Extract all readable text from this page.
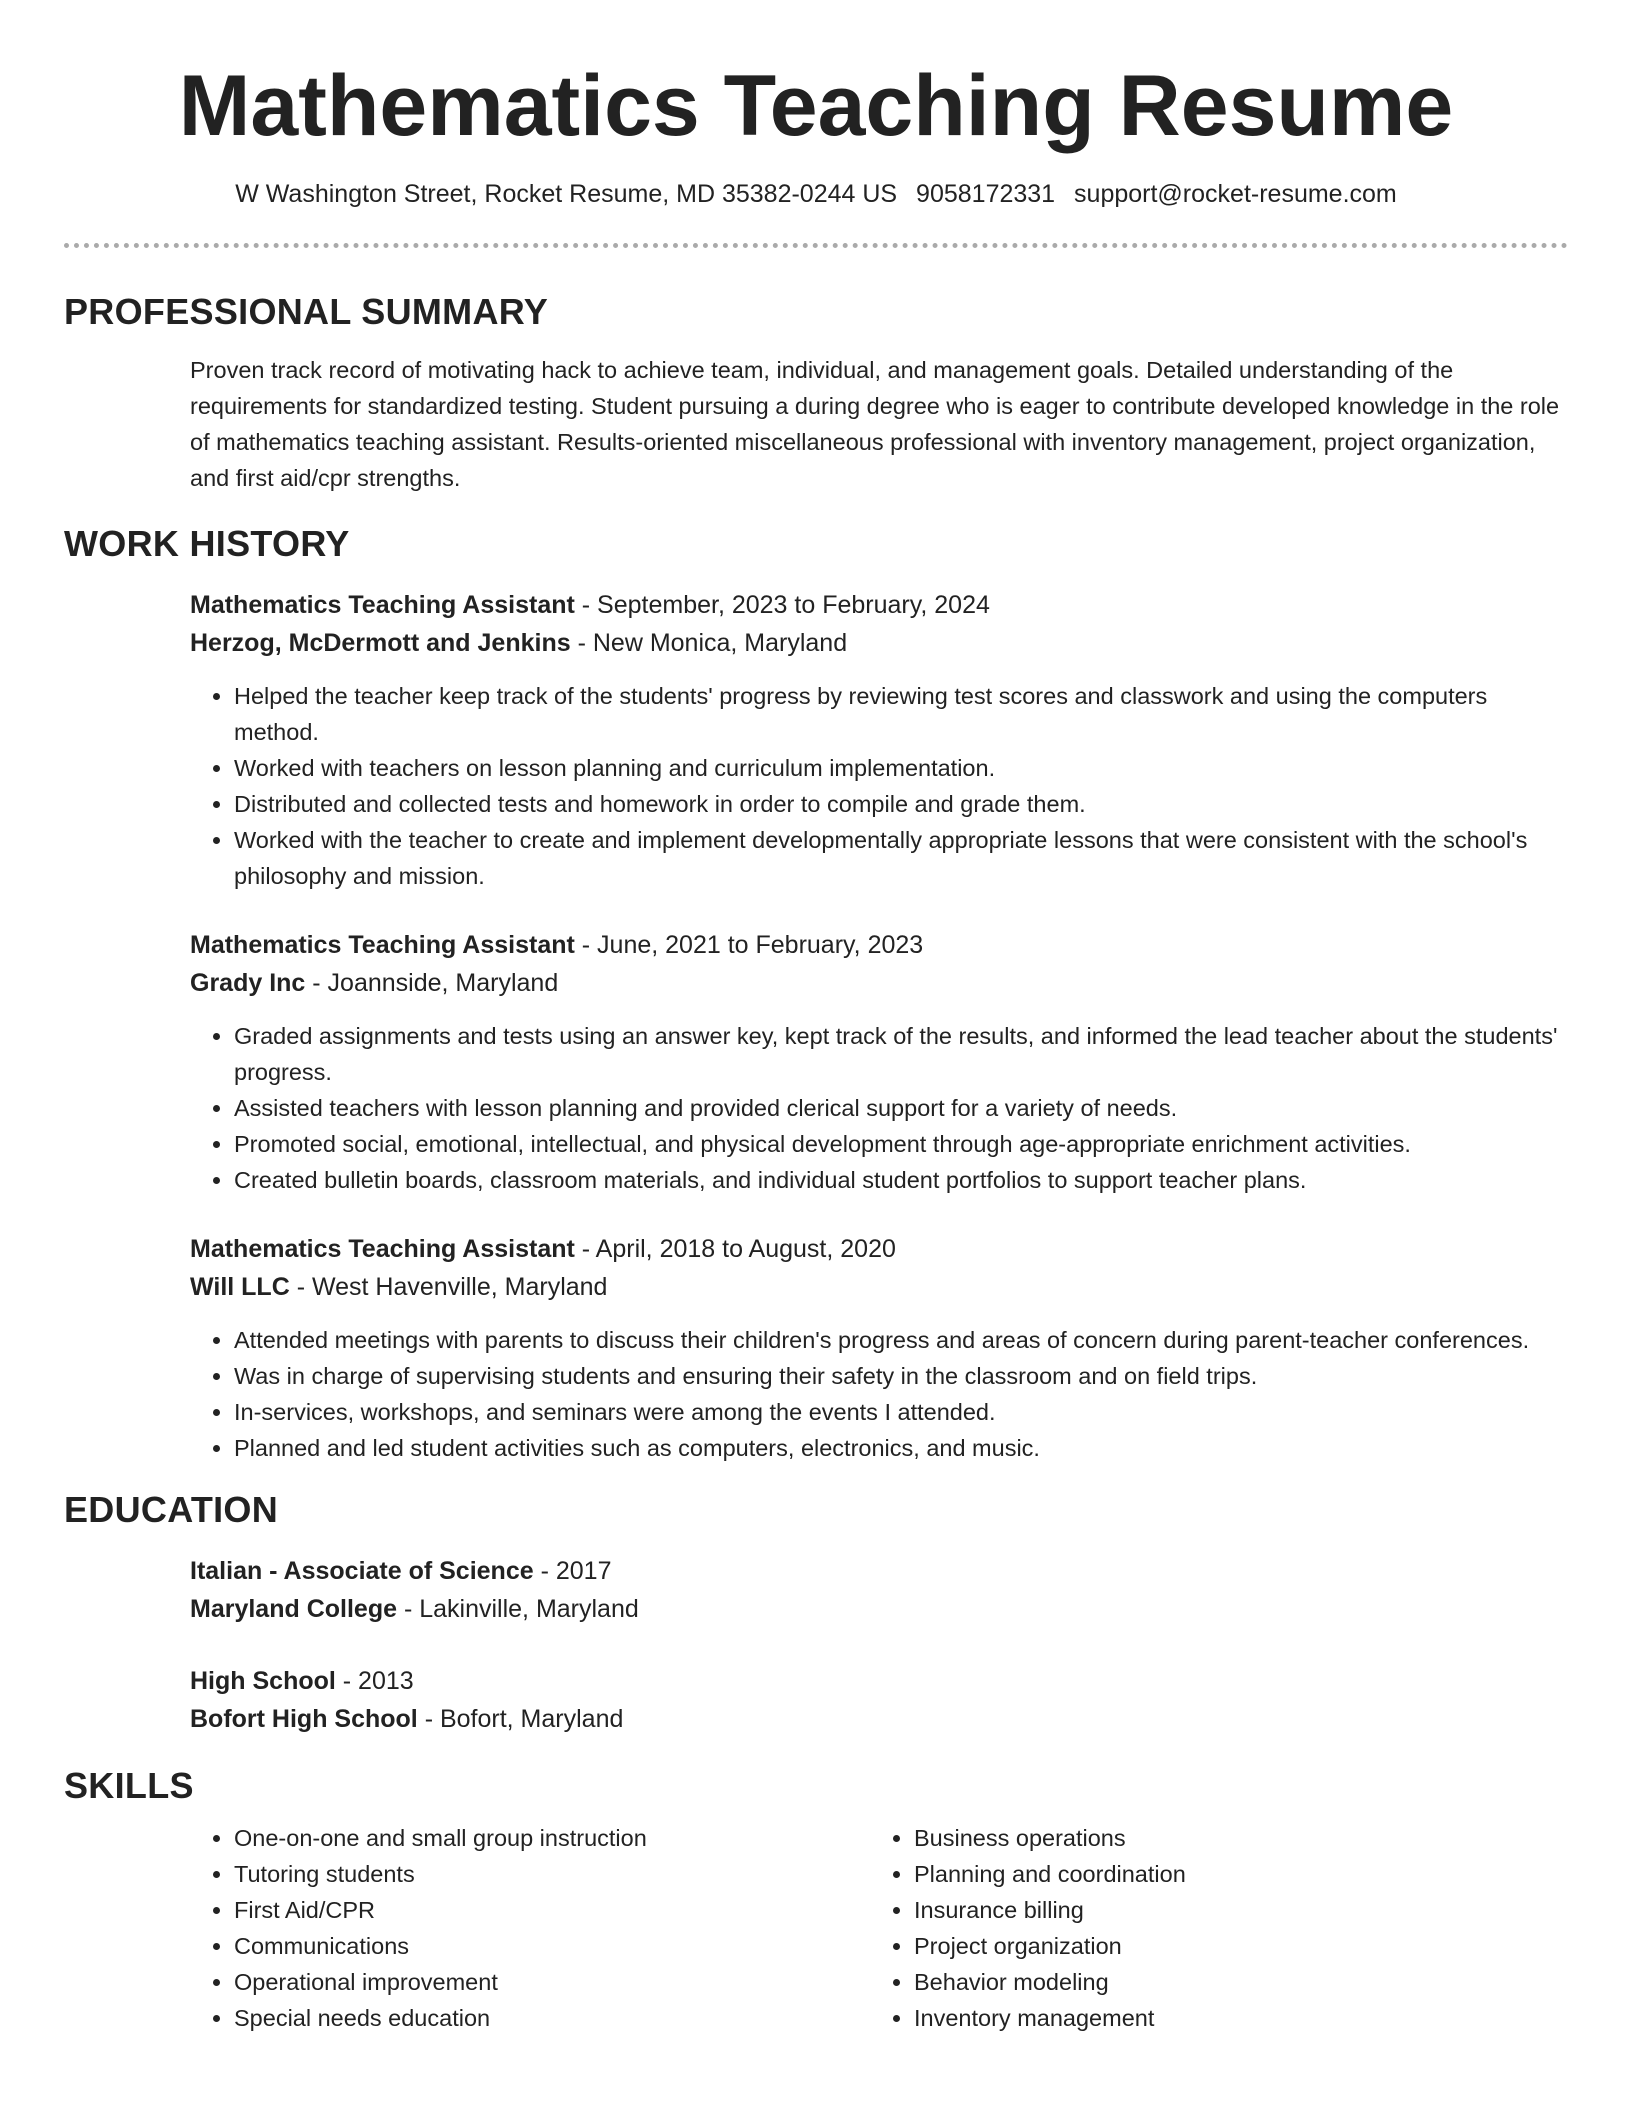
Mathematics Teaching Resume
W Washington Street, Rocket Resume, MD 35382-0244 US 9058172331 support@rocket-resume.com
PROFESSIONAL SUMMARY

Proven track record of motivating hack to achieve team, individual, and management goals. Detailed understanding of the requirements for standardized testing. Student pursuing a during degree who is eager to contribute developed knowledge in the role of mathematics teaching assistant. Results-oriented miscellaneous professional with inventory management, project organization, and first aid/cpr strengths.

WORK HISTORY
Mathematics Teaching Assistant - September, 2023 to February, 2024
Herzog, McDermott and Jenkins - New Monica, Maryland
• Helped the teacher keep track of the students' progress by reviewing test scores and classwork and using the computers method.
• Worked with teachers on lesson planning and curriculum implementation.
• Distributed and collected tests and homework in order to compile and grade them.
• Worked with the teacher to create and implement developmentally appropriate lessons that were consistent with the school's philosophy and mission.
Mathematics Teaching Assistant - June, 2021 to February, 2023
Grady Inc - Joannside, Maryland
• Graded assignments and tests using an answer key, kept track of the results, and informed the lead teacher about the students' progress.
• Assisted teachers with lesson planning and provided clerical support for a variety of needs.
• Promoted social, emotional, intellectual, and physical development through age-appropriate enrichment activities.
• Created bulletin boards, classroom materials, and individual student portfolios to support teacher plans.
Mathematics Teaching Assistant - April, 2018 to August, 2020
Will LLC - West Havenville, Maryland
• Attended meetings with parents to discuss their children's progress and areas of concern during parent-teacher conferences.
• Was in charge of supervising students and ensuring their safety in the classroom and on field trips.
• In-services, workshops, and seminars were among the events I attended.
• Planned and led student activities such as computers, electronics, and music.
EDUCATION
Italian - Associate of Science - 2017
Maryland College - Lakinville, Maryland
High School - 2013
Bofort High School - Bofort, Maryland
SKILLS
• One-on-one and small group instruction
• Tutoring students
• First Aid/CPR
• Communications
• Operational improvement
• Special needs education
• Business operations
• Planning and coordination
• Insurance billing
• Project organization
• Behavior modeling
• Inventory management
